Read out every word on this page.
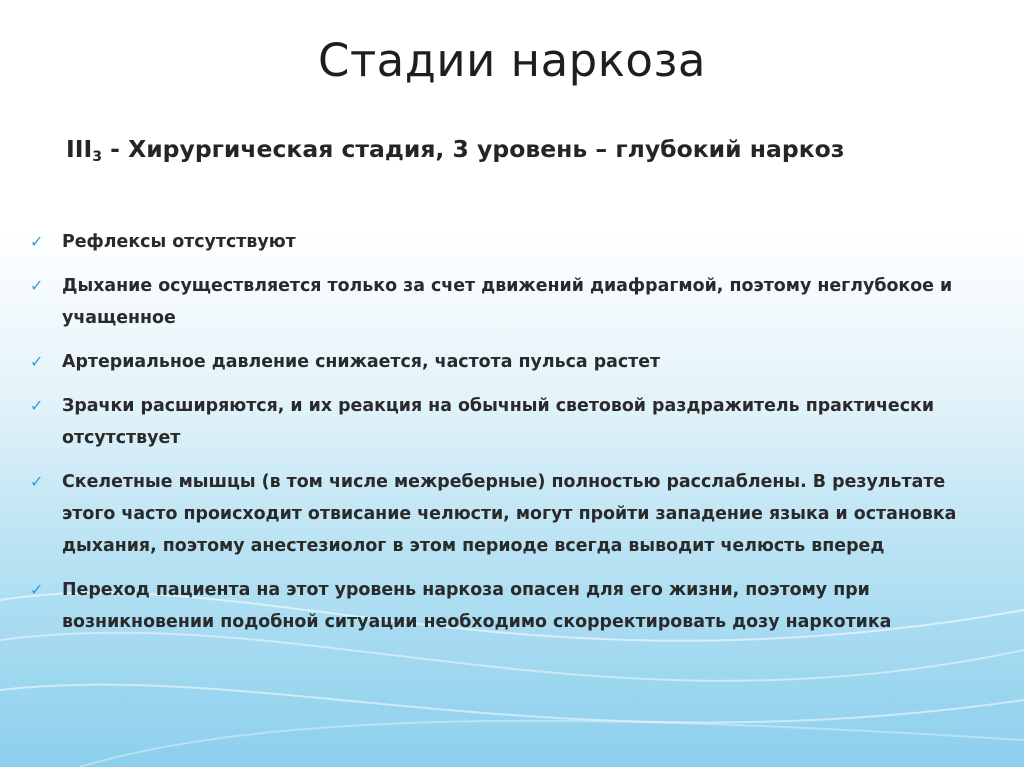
Стадии наркоза
$III_3$ - Хирургическая стадия, 3 уровень – глубокий наркоз
✓	Рефлексы отсутствуют
✓	Дыхание осуществляется только за счет движений диафрагмой, поэтому неглубокое и учащенное
✓	Артериальное давление снижается, частота пульса растет
✓	Зрачки расширяются, и их реакция на обычный световой раздражитель практически отсутствует
✓	Скелетные мышцы (в том числе межреберные) полностью расслаблены. В результате этого часто происходит отвисание челюсти, могут пройти западение языка и остановка дыхания, поэтому анестезиолог в этом периоде всегда выводит челюсть вперед
✓	Переход пациента на этот уровень наркоза опасен для его жизни, поэтому при возникновении подобной ситуации необходимо скорректировать дозу наркотика
